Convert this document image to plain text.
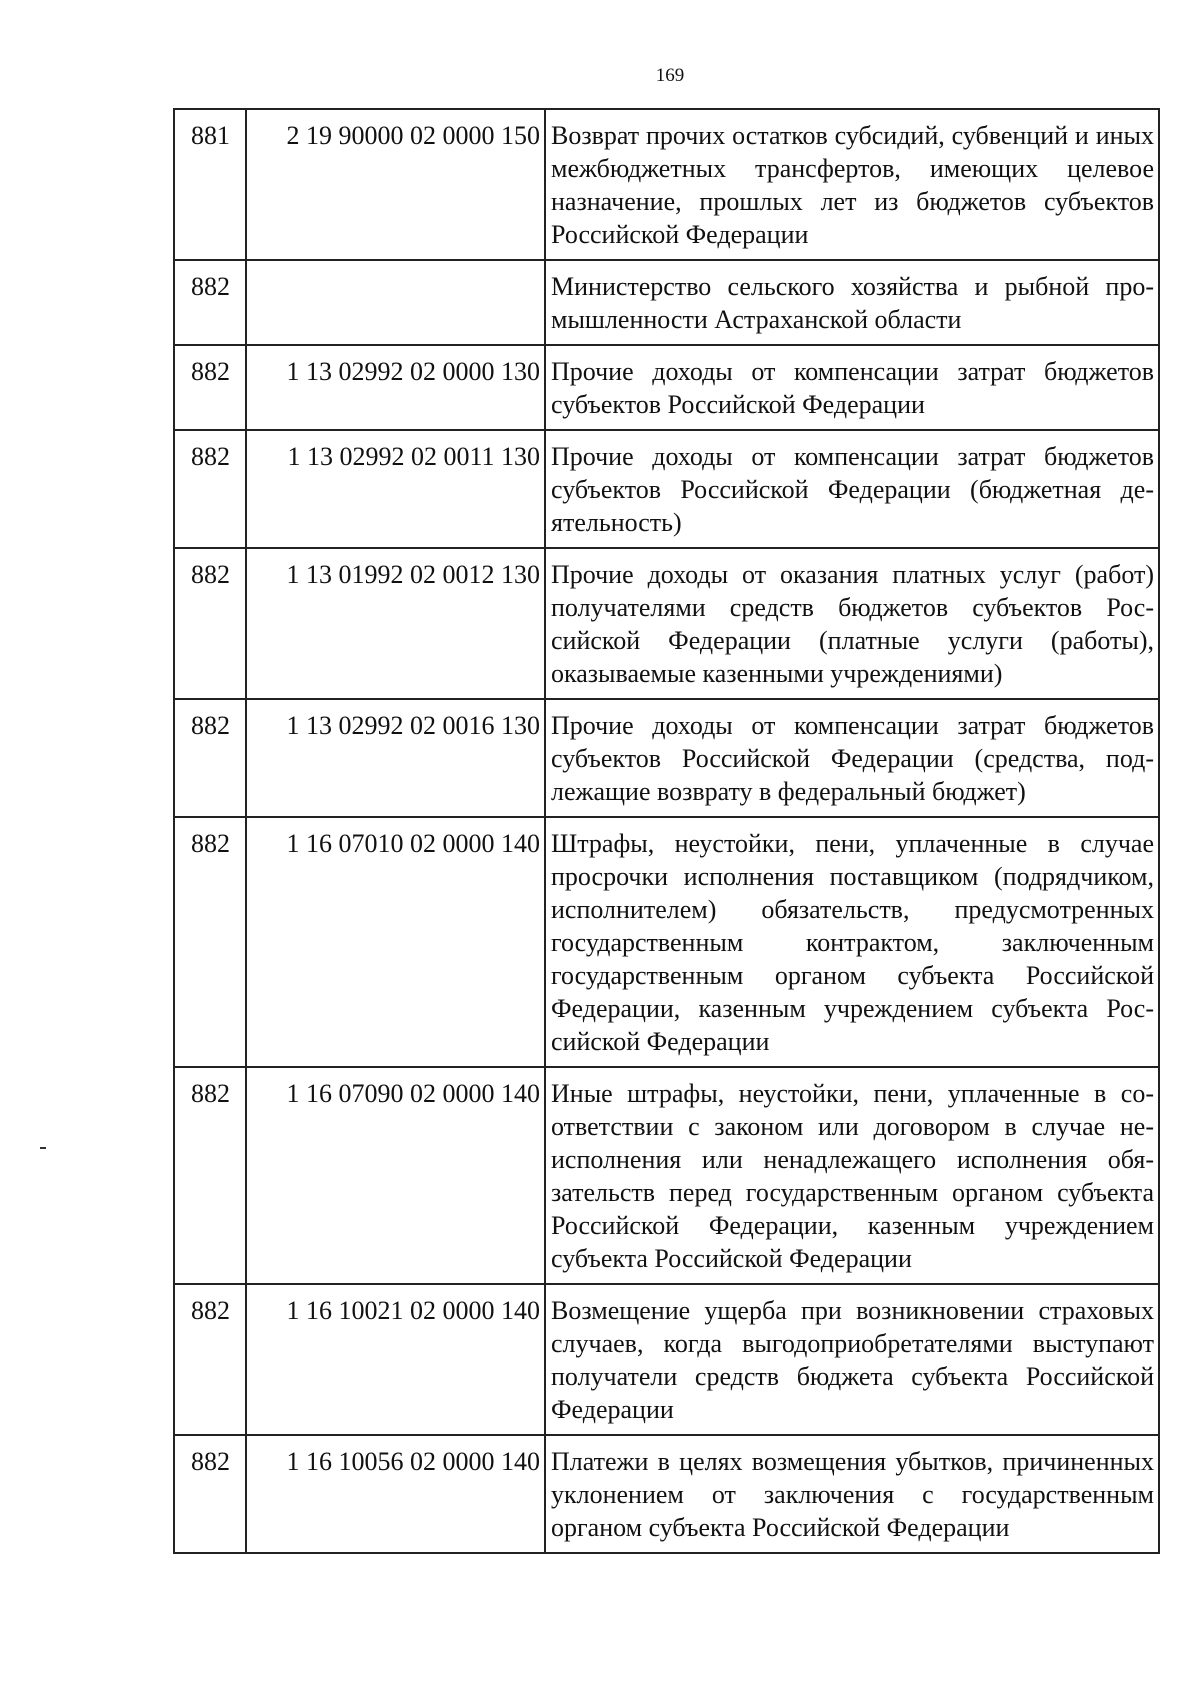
169
881	2 19 90000 02 0000 150	Возврат прочих остатков субсидий, субвенций и иных межбюджетных трансфертов, имеющих целевое назначение, прошлых лет из бюджетов субъектов Российской Федерации
882		Министерство сельского хозяйства и рыбной промышленности Астраханской области
882	1 13 02992 02 0000 130	Прочие доходы от компенсации затрат бюджетов субъектов Российской Федерации
882	1 13 02992 02 0011 130	Прочие доходы от компенсации затрат бюджетов субъектов Российской Федерации (бюджетная деятельность)
882	1 13 01992 02 0012 130	Прочие доходы от оказания платных услуг (работ) получателями средств бюджетов субъектов Российской Федерации (платные услуги (работы), оказываемые казенными учреждениями)
882	1 13 02992 02 0016 130	Прочие доходы от компенсации затрат бюджетов субъектов Российской Федерации (средства, подлежащие возврату в федеральный бюджет)
882	1 16 07010 02 0000 140	Штрафы, неустойки, пени, уплаченные в случае просрочки исполнения поставщиком (подрядчиком, исполнителем) обязательств, предусмотренных государственным контрактом, заключенным государственным органом субъекта Российской Федерации, казенным учреждением субъекта Российской Федерации
882	1 16 07090 02 0000 140	Иные штрафы, неустойки, пени, уплаченные в соответствии с законом или договором в случае неисполнения или ненадлежащего исполнения обязательств перед государственным органом субъекта Российской Федерации, казенным учреждением субъекта Российской Федерации
882	1 16 10021 02 0000 140	Возмещение ущерба при возникновении страховых случаев, когда выгодоприобретателями выступают получатели средств бюджета субъекта Российской Федерации
882	1 16 10056 02 0000 140	Платежи в целях возмещения убытков, причиненных уклонением от заключения с государственным органом субъекта Российской Федерации
